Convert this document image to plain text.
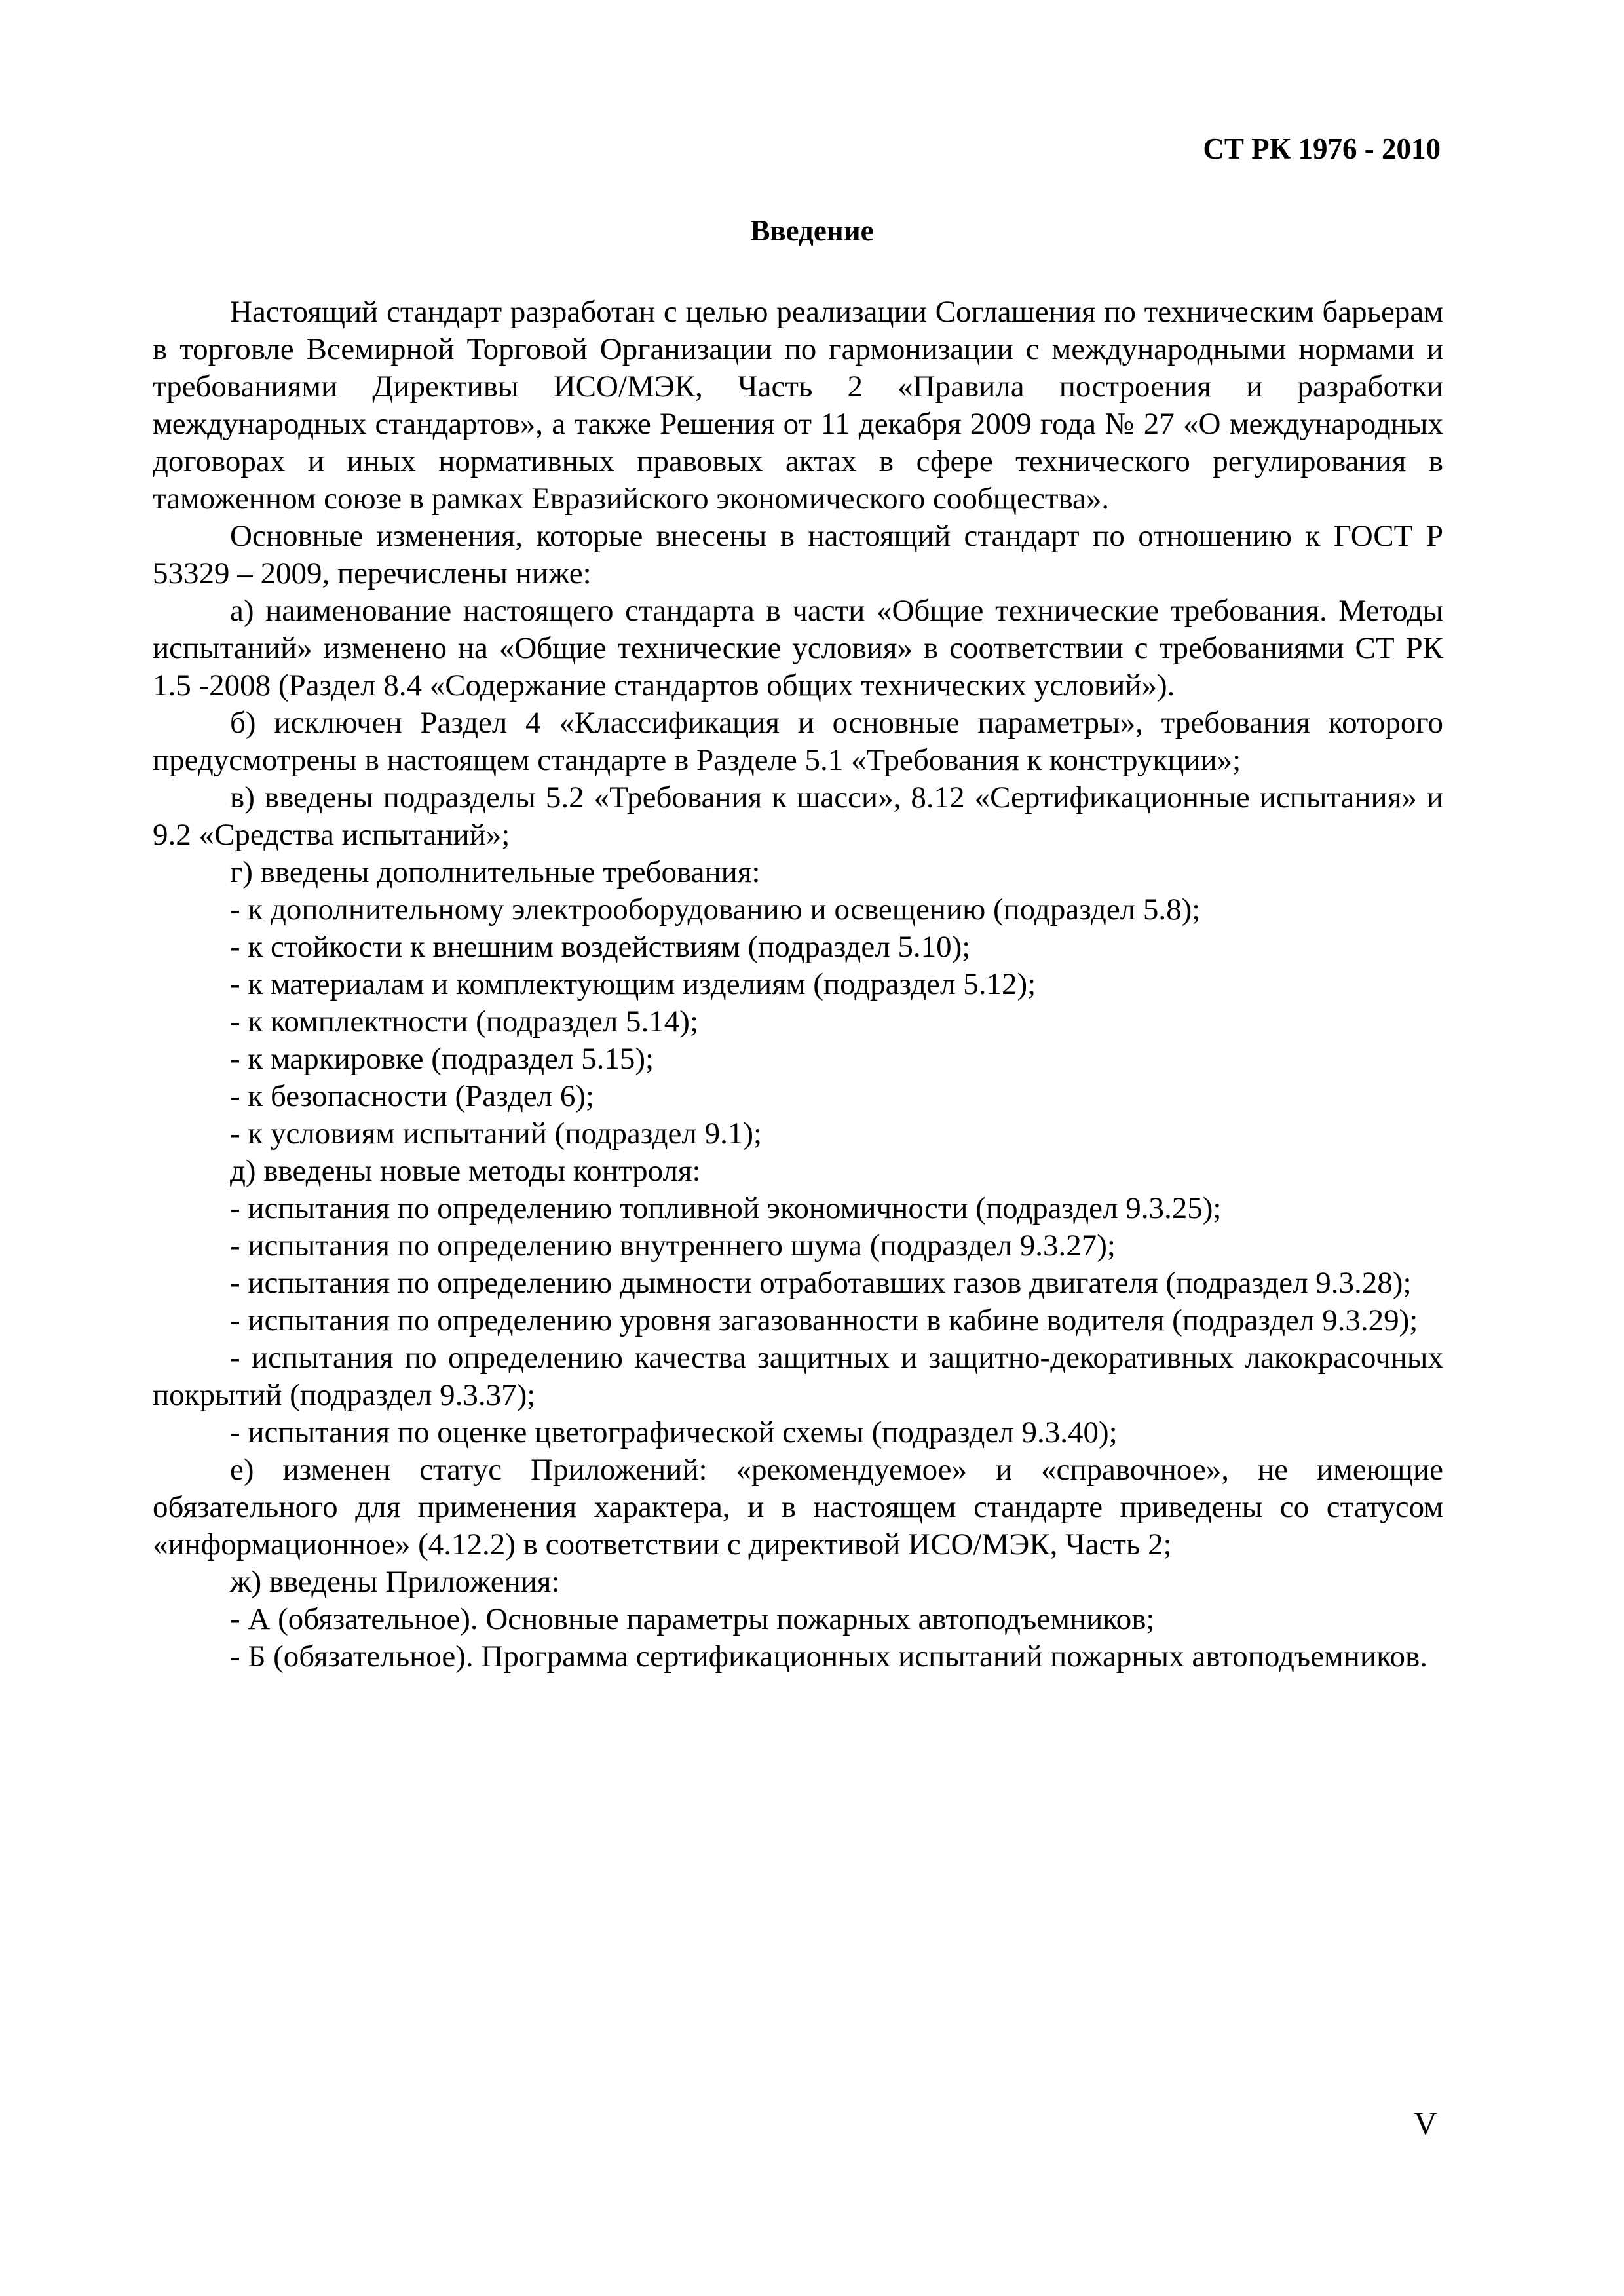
СТ РК 1976 - 2010
Введение

Настоящий стандарт разработан с целью реализации Соглашения по техническим барьерам в торговле Всемирной Торговой Организации по гармонизации с международными нормами и требованиями Директивы ИСО/МЭК, Часть 2 «Правила построения и разработки международных стандартов», а также Решения от 11 декабря 2009 года № 27 «О международных договорах и иных нормативных правовых актах в сфере технического регулирования в таможенном союзе в рамках Евразийского экономического сообщества».

Основные изменения, которые внесены в настоящий стандарт по отношению к ГОСТ Р 53329 – 2009, перечислены ниже:

а) наименование настоящего стандарта в части «Общие технические требования. Методы испытаний» изменено на «Общие технические условия» в соответствии с требованиями СТ РК 1.5 -2008 (Раздел 8.4 «Содержание стандартов общих технических условий»).

б) исключен Раздел 4 «Классификация и основные параметры», требования которого предусмотрены в настоящем стандарте в Разделе 5.1 «Требования к конструкции»;

в) введены подразделы 5.2 «Требования к шасси», 8.12 «Сертификационные испытания» и 9.2 «Средства испытаний»;

г) введены дополнительные требования:

- к дополнительному электрооборудованию и освещению (подраздел 5.8);

- к стойкости к внешним воздействиям (подраздел 5.10);

- к материалам и комплектующим изделиям (подраздел 5.12);

- к комплектности (подраздел 5.14);

- к маркировке (подраздел 5.15);

- к безопасности (Раздел 6);

- к условиям испытаний (подраздел 9.1);

д) введены новые методы контроля:

- испытания по определению топливной экономичности (подраздел 9.3.25);

- испытания по определению внутреннего шума (подраздел 9.3.27);

- испытания по определению дымности отработавших газов двигателя (подраздел 9.3.28);

- испытания по определению уровня загазованности в кабине водителя (подраздел 9.3.29);

- испытания по определению качества защитных и защитно-декоративных лакокрасочных покрытий (подраздел 9.3.37);

- испытания по оценке цветографической схемы (подраздел 9.3.40);

е) изменен статус Приложений: «рекомендуемое» и «справочное», не имеющие обязательного для применения характера, и в настоящем стандарте приведены со статусом «информационное» (4.12.2) в соответствии с директивой ИСО/МЭК, Часть 2;

ж) введены Приложения:

- А (обязательное). Основные параметры пожарных автоподъемников;

- Б (обязательное). Программа сертификационных испытаний пожарных автоподъемников.

V
